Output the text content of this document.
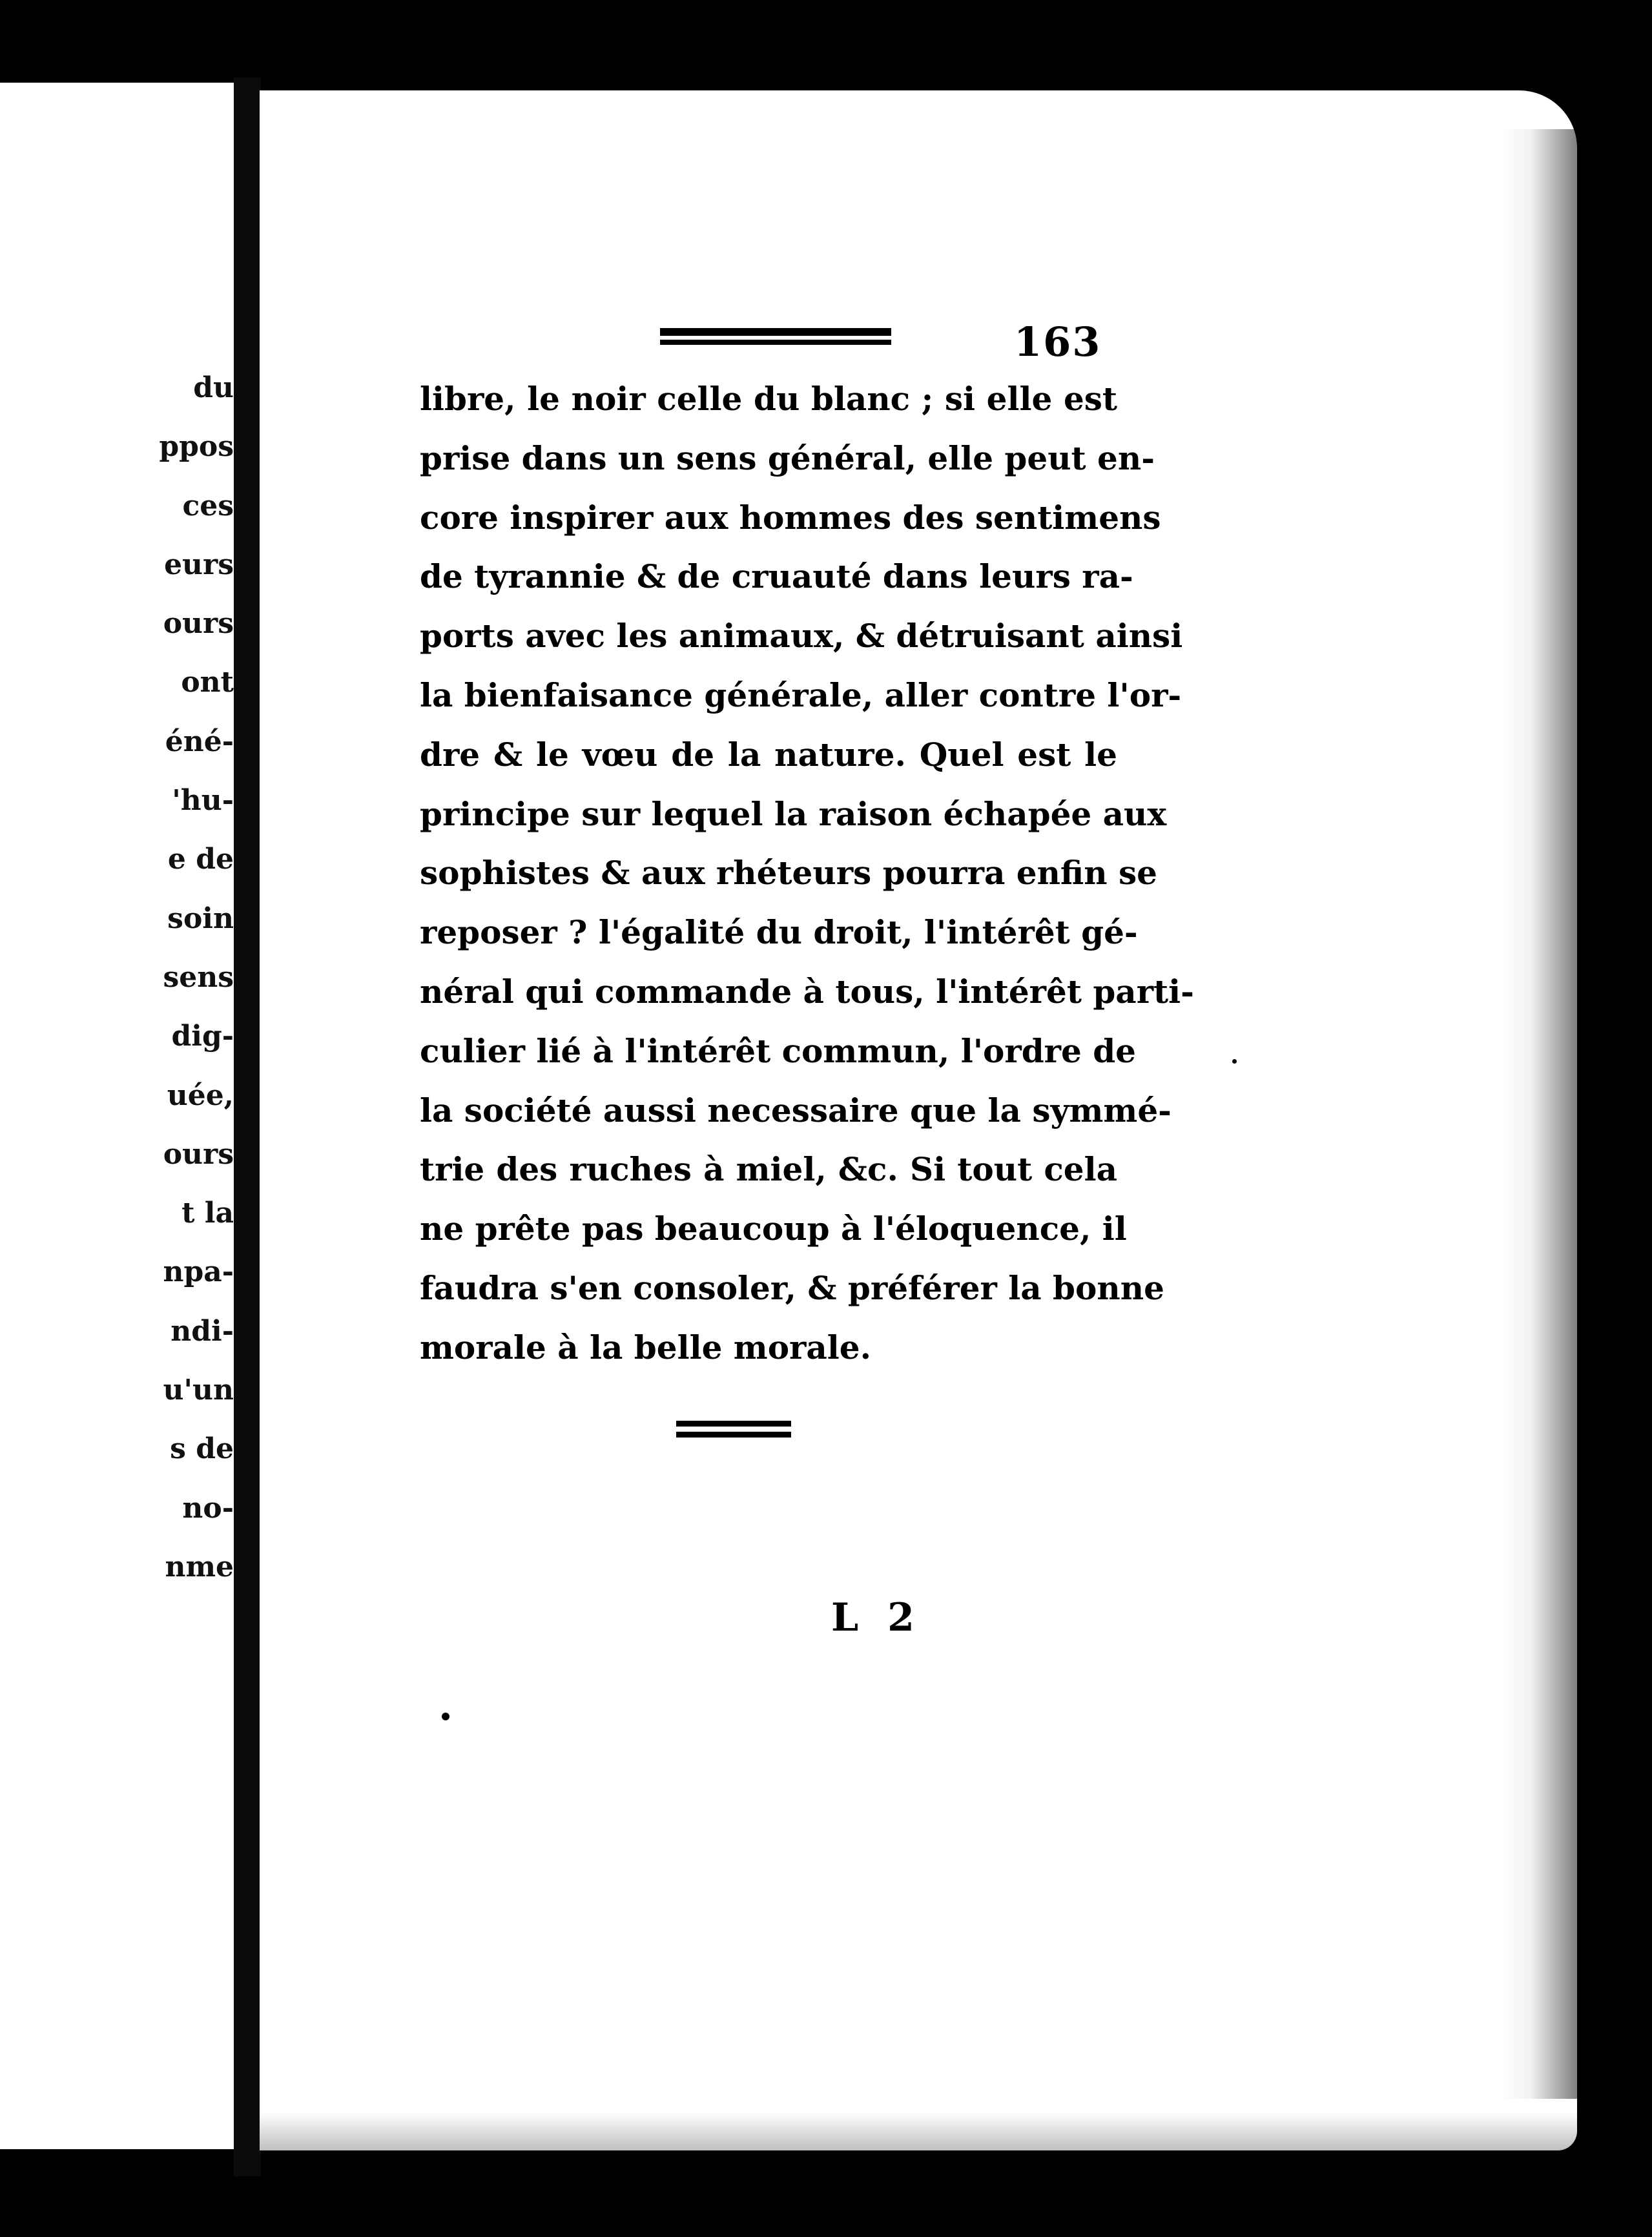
du
ppos
ces
eurs
ours
ont
éné-
'hu-
e de
soin
sens
dig-
uée,
ours
t la
npa-
ndi-
u'un
s de
no-
nme
163
libre, le noir celle du blanc ; si elle est
prise dans un sens général, elle peut en-
core inspirer aux hommes des sentimens
de tyrannie & de cruauté dans leurs ra-
ports avec les animaux, & détruisant ainsi
la bienfaisance générale, aller contre l'or-
dre & le vœu de la nature. Quel est le
principe sur lequel la raison échapée aux
sophistes & aux rhéteurs pourra enfin se
reposer ? l'égalité du droit, l'intérêt gé-
néral qui commande à tous, l'intérêt parti-
culier lié à l'intérêt commun, l'ordre de
la société aussi necessaire que la symmé-
trie des ruches à miel, &c. Si tout cela
ne prête pas beaucoup à l'éloquence, il
faudra s'en consoler, & préférer la bonne
morale à la belle morale.
L 2
